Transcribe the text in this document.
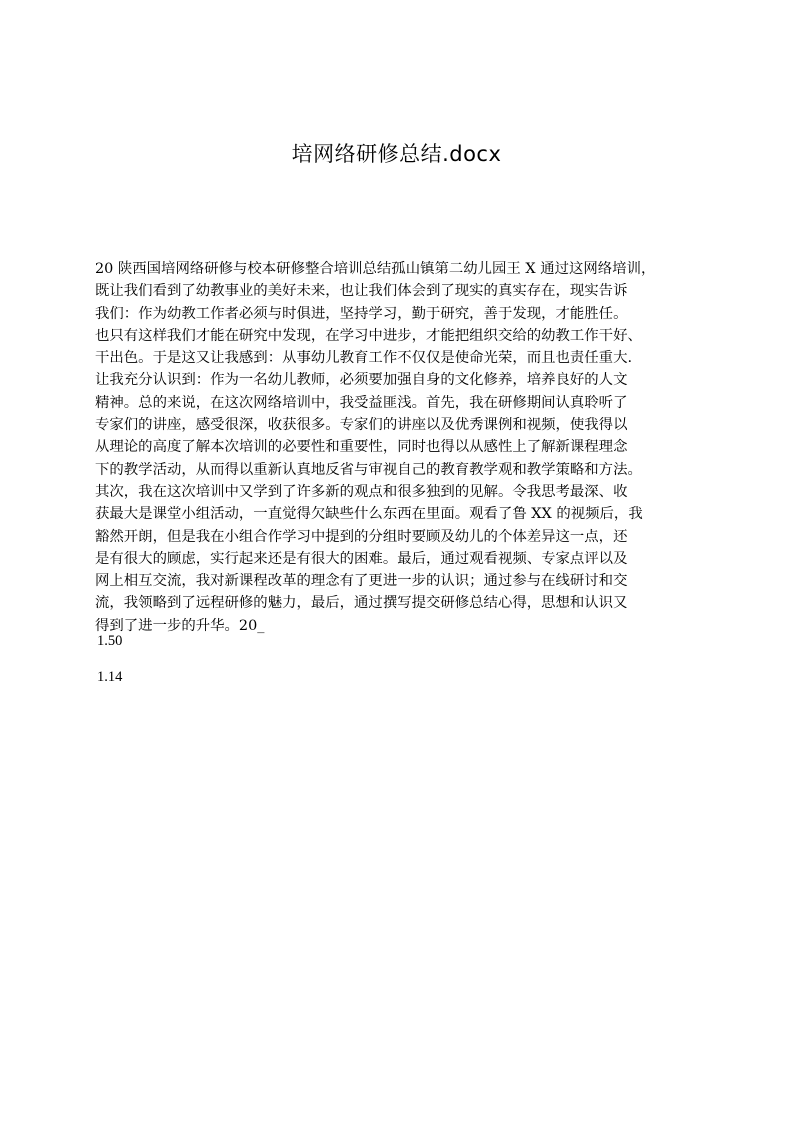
培网络研修总结.docx
20 陕西国培网络研修与校本研修整合培训总结孤山镇第二幼儿园王 X 通过这网络培训，
既让我们看到了幼教事业的美好未来，也让我们体会到了现实的真实存在，现实告诉
我们：作为幼教工作者必须与时俱进，坚持学习，勤于研究，善于发现，才能胜任。
也只有这样我们才能在研究中发现，在学习中进步，才能把组织交给的幼教工作干好、
干出色。于是这又让我感到：从事幼儿教育工作不仅仅是使命光荣，而且也责任重大.
让我充分认识到：作为一名幼儿教师，必须要加强自身的文化修养，培养良好的人文
精神。总的来说，在这次网络培训中，我受益匪浅。首先，我在研修期间认真聆听了
专家们的讲座，感受很深，收获很多。专家们的讲座以及优秀课例和视频，使我得以
从理论的高度了解本次培训的必要性和重要性，同时也得以从感性上了解新课程理念
下的教学活动，从而得以重新认真地反省与审视自己的教育教学观和教学策略和方法。
其次，我在这次培训中又学到了许多新的观点和很多独到的见解。令我思考最深、收
获最大是课堂小组活动，一直觉得欠缺些什么东西在里面。观看了鲁 XX 的视频后，我
豁然开朗，但是我在小组合作学习中提到的分组时要顾及幼儿的个体差异这一点，还
是有很大的顾虑，实行起来还是有很大的困难。最后，通过观看视频、专家点评以及
网上相互交流，我对新课程改革的理念有了更进一步的认识；通过参与在线研讨和交
流，我领略到了远程研修的魅力，最后，通过撰写提交研修总结心得，思想和认识又
得到了进一步的升华。20_
1.50
1.14
